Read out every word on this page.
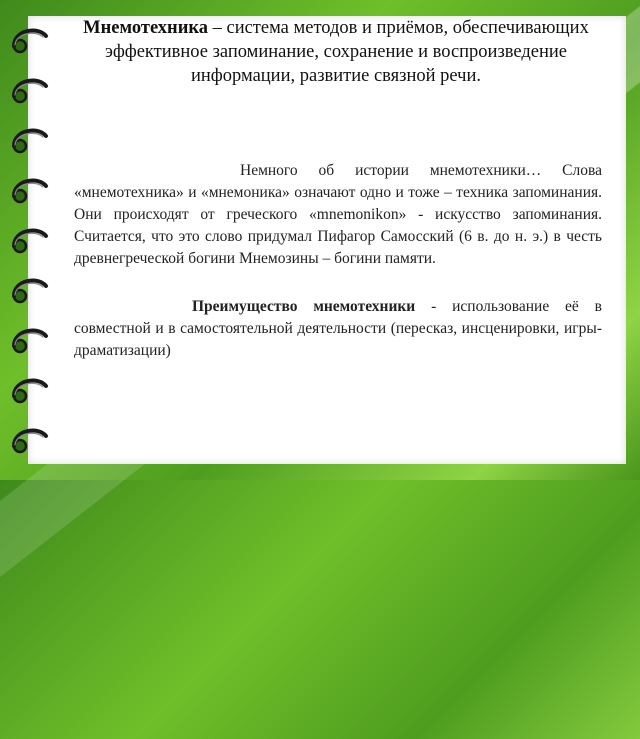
Мнемотехника – система методов и приёмов, обеспечивающих эффективное запоминание, сохранение и воспроизведение информации, развитие связной речи.
Немного об истории мнемотехники… Слова «мнемотехника» и «мнемоника» означают одно и тоже – техника запоминания. Они происходят от греческого «mnemonikon» - искусство запоминания. Считается, что это слово придумал Пифагор Самосский (6 в. до н. э.) в честь древнегреческой богини Мнемозины – богини памяти.
Преимущество мнемотехники - использование её в совместной и в самостоятельной деятельности (пересказ, инсценировки, игры-драматизации)
